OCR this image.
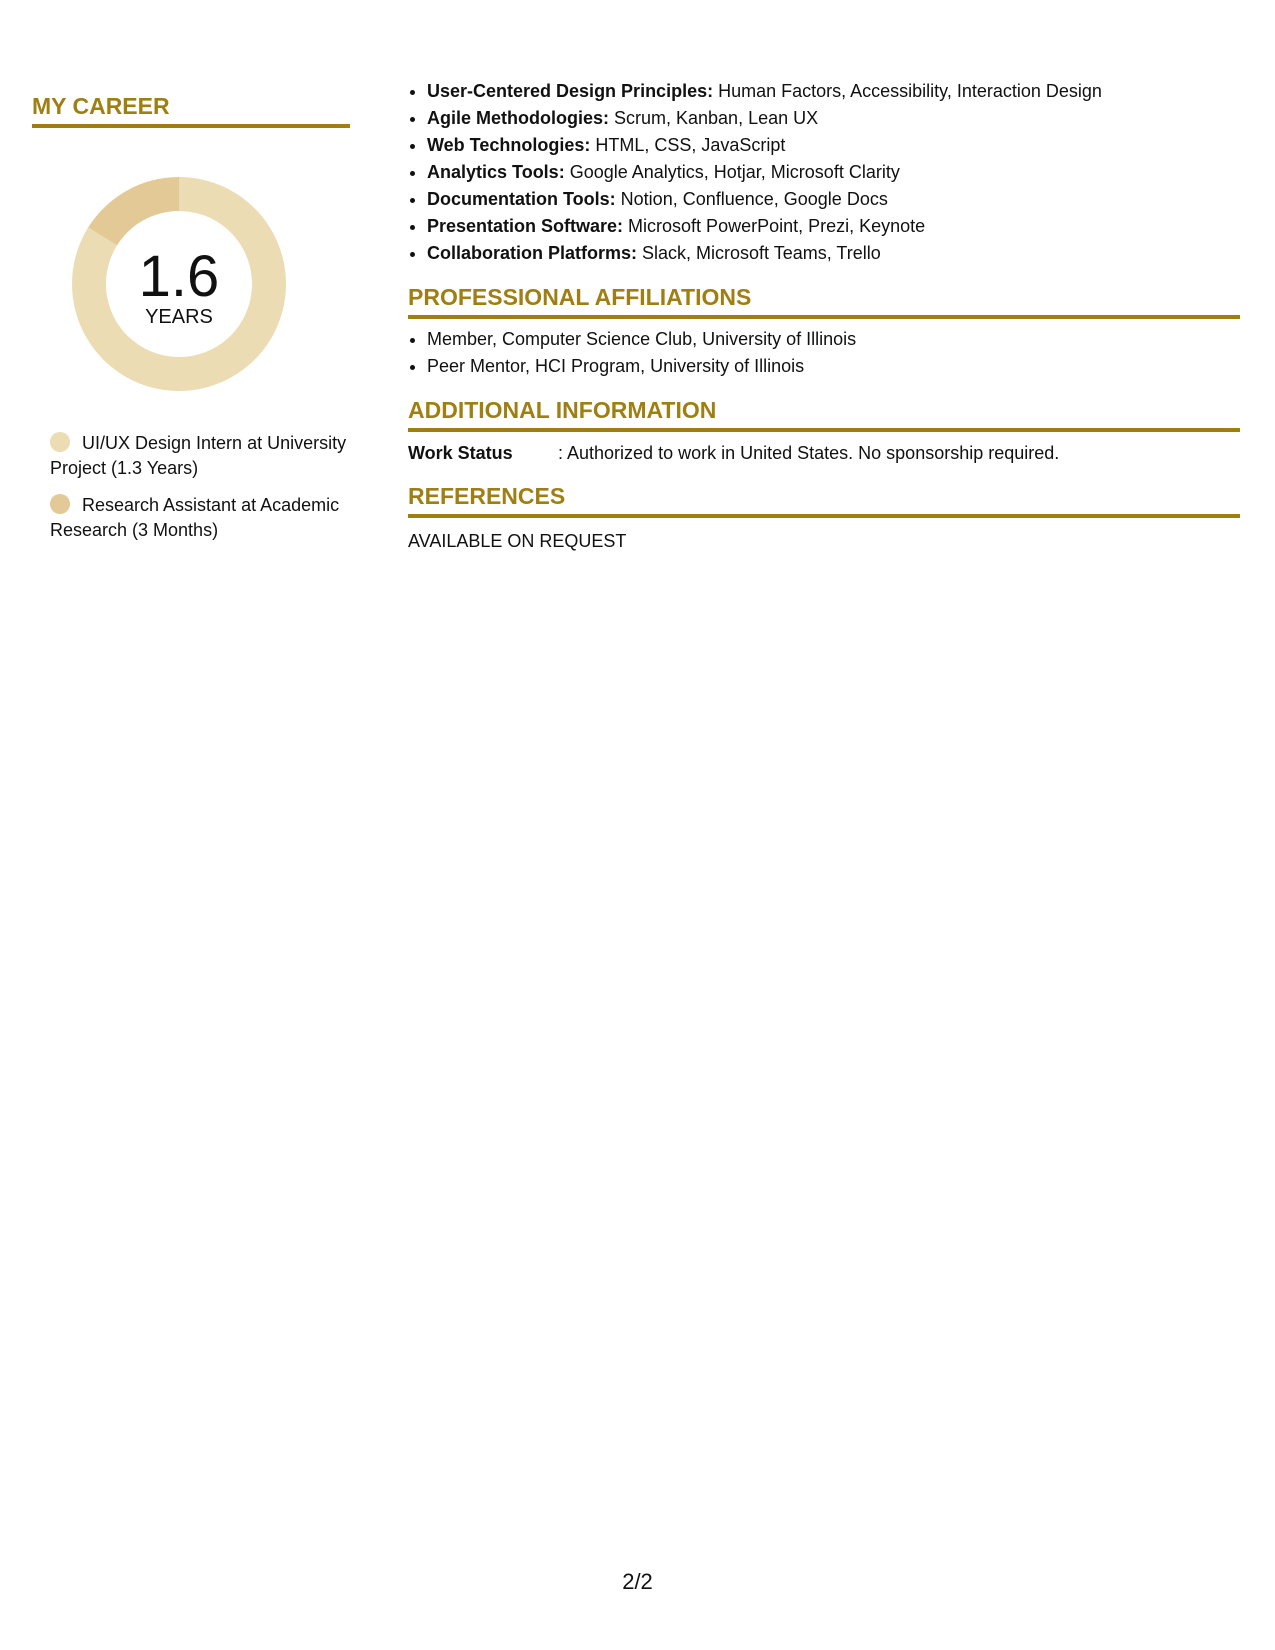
MY CAREER
1.6
YEARS
UI/UX Design Intern at University Project (1.3 Years)
Research Assistant at Academic Research (3 Months)
• User-Centered Design Principles: Human Factors, Accessibility, Interaction Design
• Agile Methodologies: Scrum, Kanban, Lean UX
• Web Technologies: HTML, CSS, JavaScript
• Analytics Tools: Google Analytics, Hotjar, Microsoft Clarity
• Documentation Tools: Notion, Confluence, Google Docs
• Presentation Software: Microsoft PowerPoint, Prezi, Keynote
• Collaboration Platforms: Slack, Microsoft Teams, Trello
PROFESSIONAL AFFILIATIONS
• Member, Computer Science Club, University of Illinois
• Peer Mentor, HCI Program, University of Illinois
ADDITIONAL INFORMATION
Work Status	: Authorized to work in United States. No sponsorship required.
REFERENCES
AVAILABLE ON REQUEST
2/2
